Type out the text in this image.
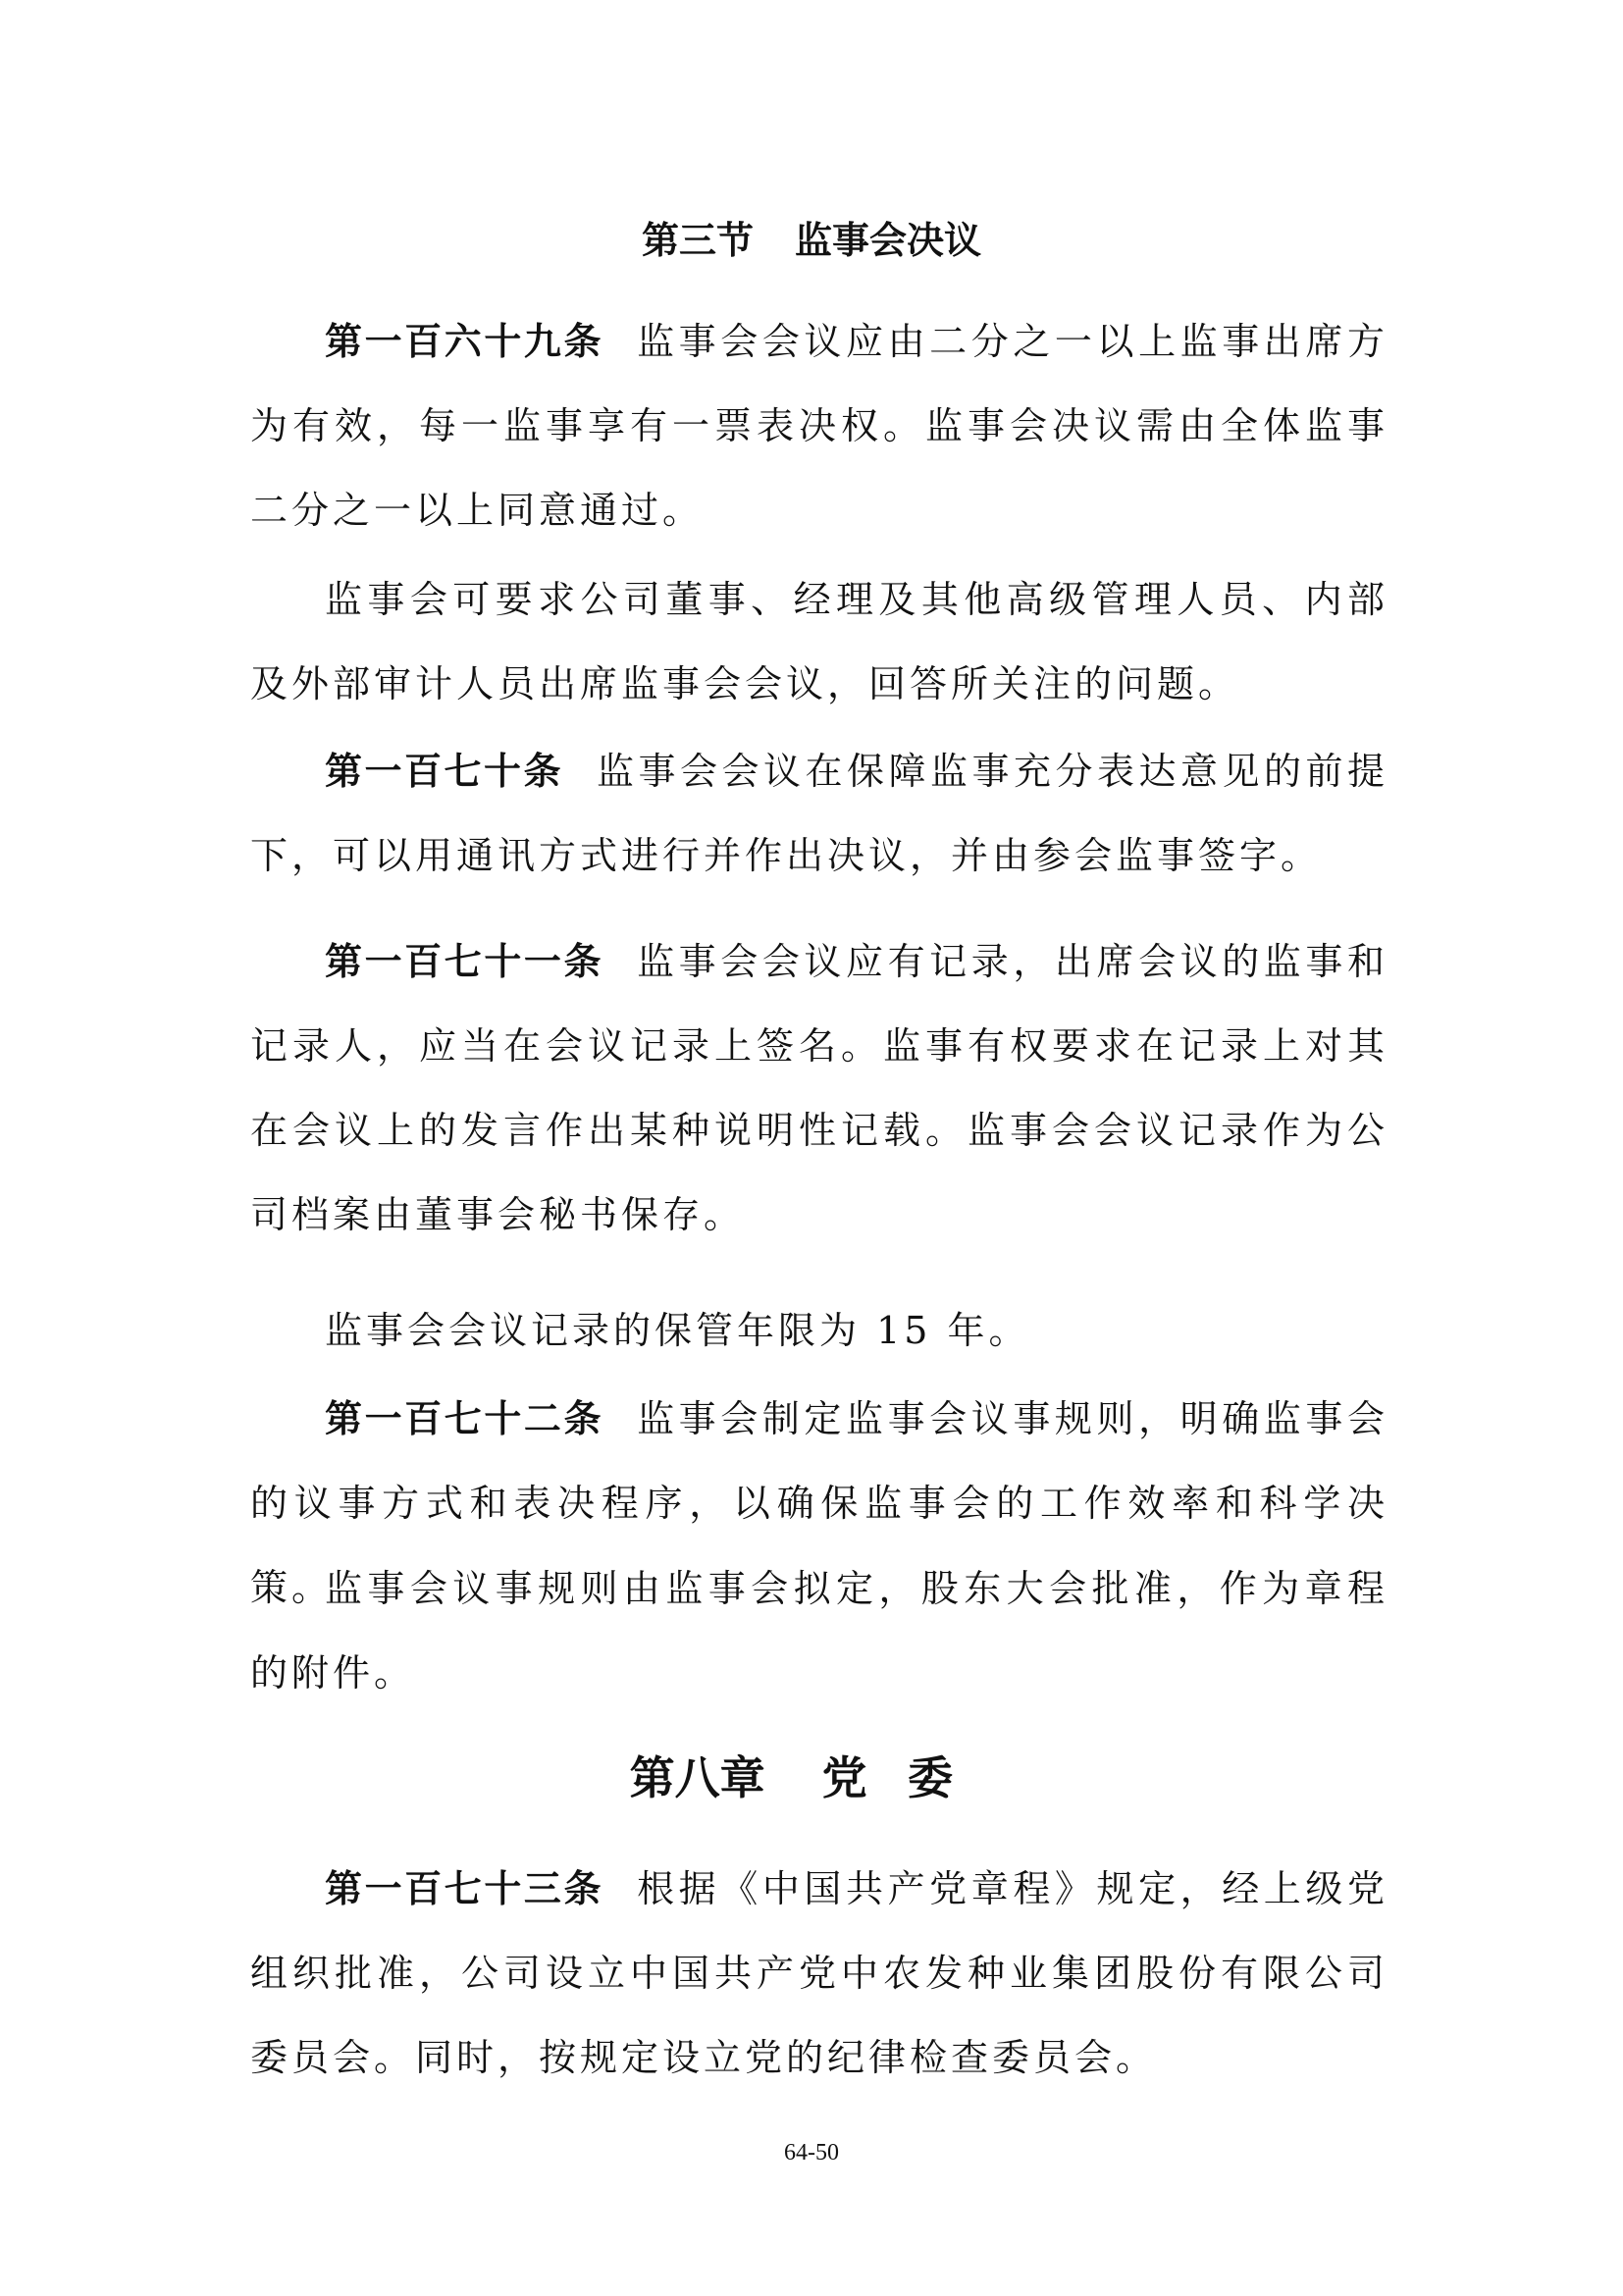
第三节 监事会决议

第一百六十九条 监事会会议应由二分之一以上监事出席方为有效，每一监事享有一票表决权。监事会决议需由全体监事二分之一以上同意通过。

监事会可要求公司董事、经理及其他高级管理人员、内部及外部审计人员出席监事会会议，回答所关注的问题。

第一百七十条 监事会会议在保障监事充分表达意见的前提下，可以用通讯方式进行并作出决议，并由参会监事签字。

第一百七十一条 监事会会议应有记录，出席会议的监事和记录人，应当在会议记录上签名。监事有权要求在记录上对其在会议上的发言作出某种说明性记载。监事会会议记录作为公司档案由董事会秘书保存。

监事会会议记录的保管年限为 15 年。

第一百七十二条 监事会制定监事会议事规则，明确监事会的议事方式和表决程序，以确保监事会的工作效率和科学决策。

监事会议事规则由监事会拟定，股东大会批准，作为章程的附件。

第八章 党委

第一百七十三条 根据《中国共产党章程》规定，经上级党组织批准，公司设立中国共产党中农发种业集团股份有限公司委员会。同时，按规定设立党的纪律检查委员会。

64-50
